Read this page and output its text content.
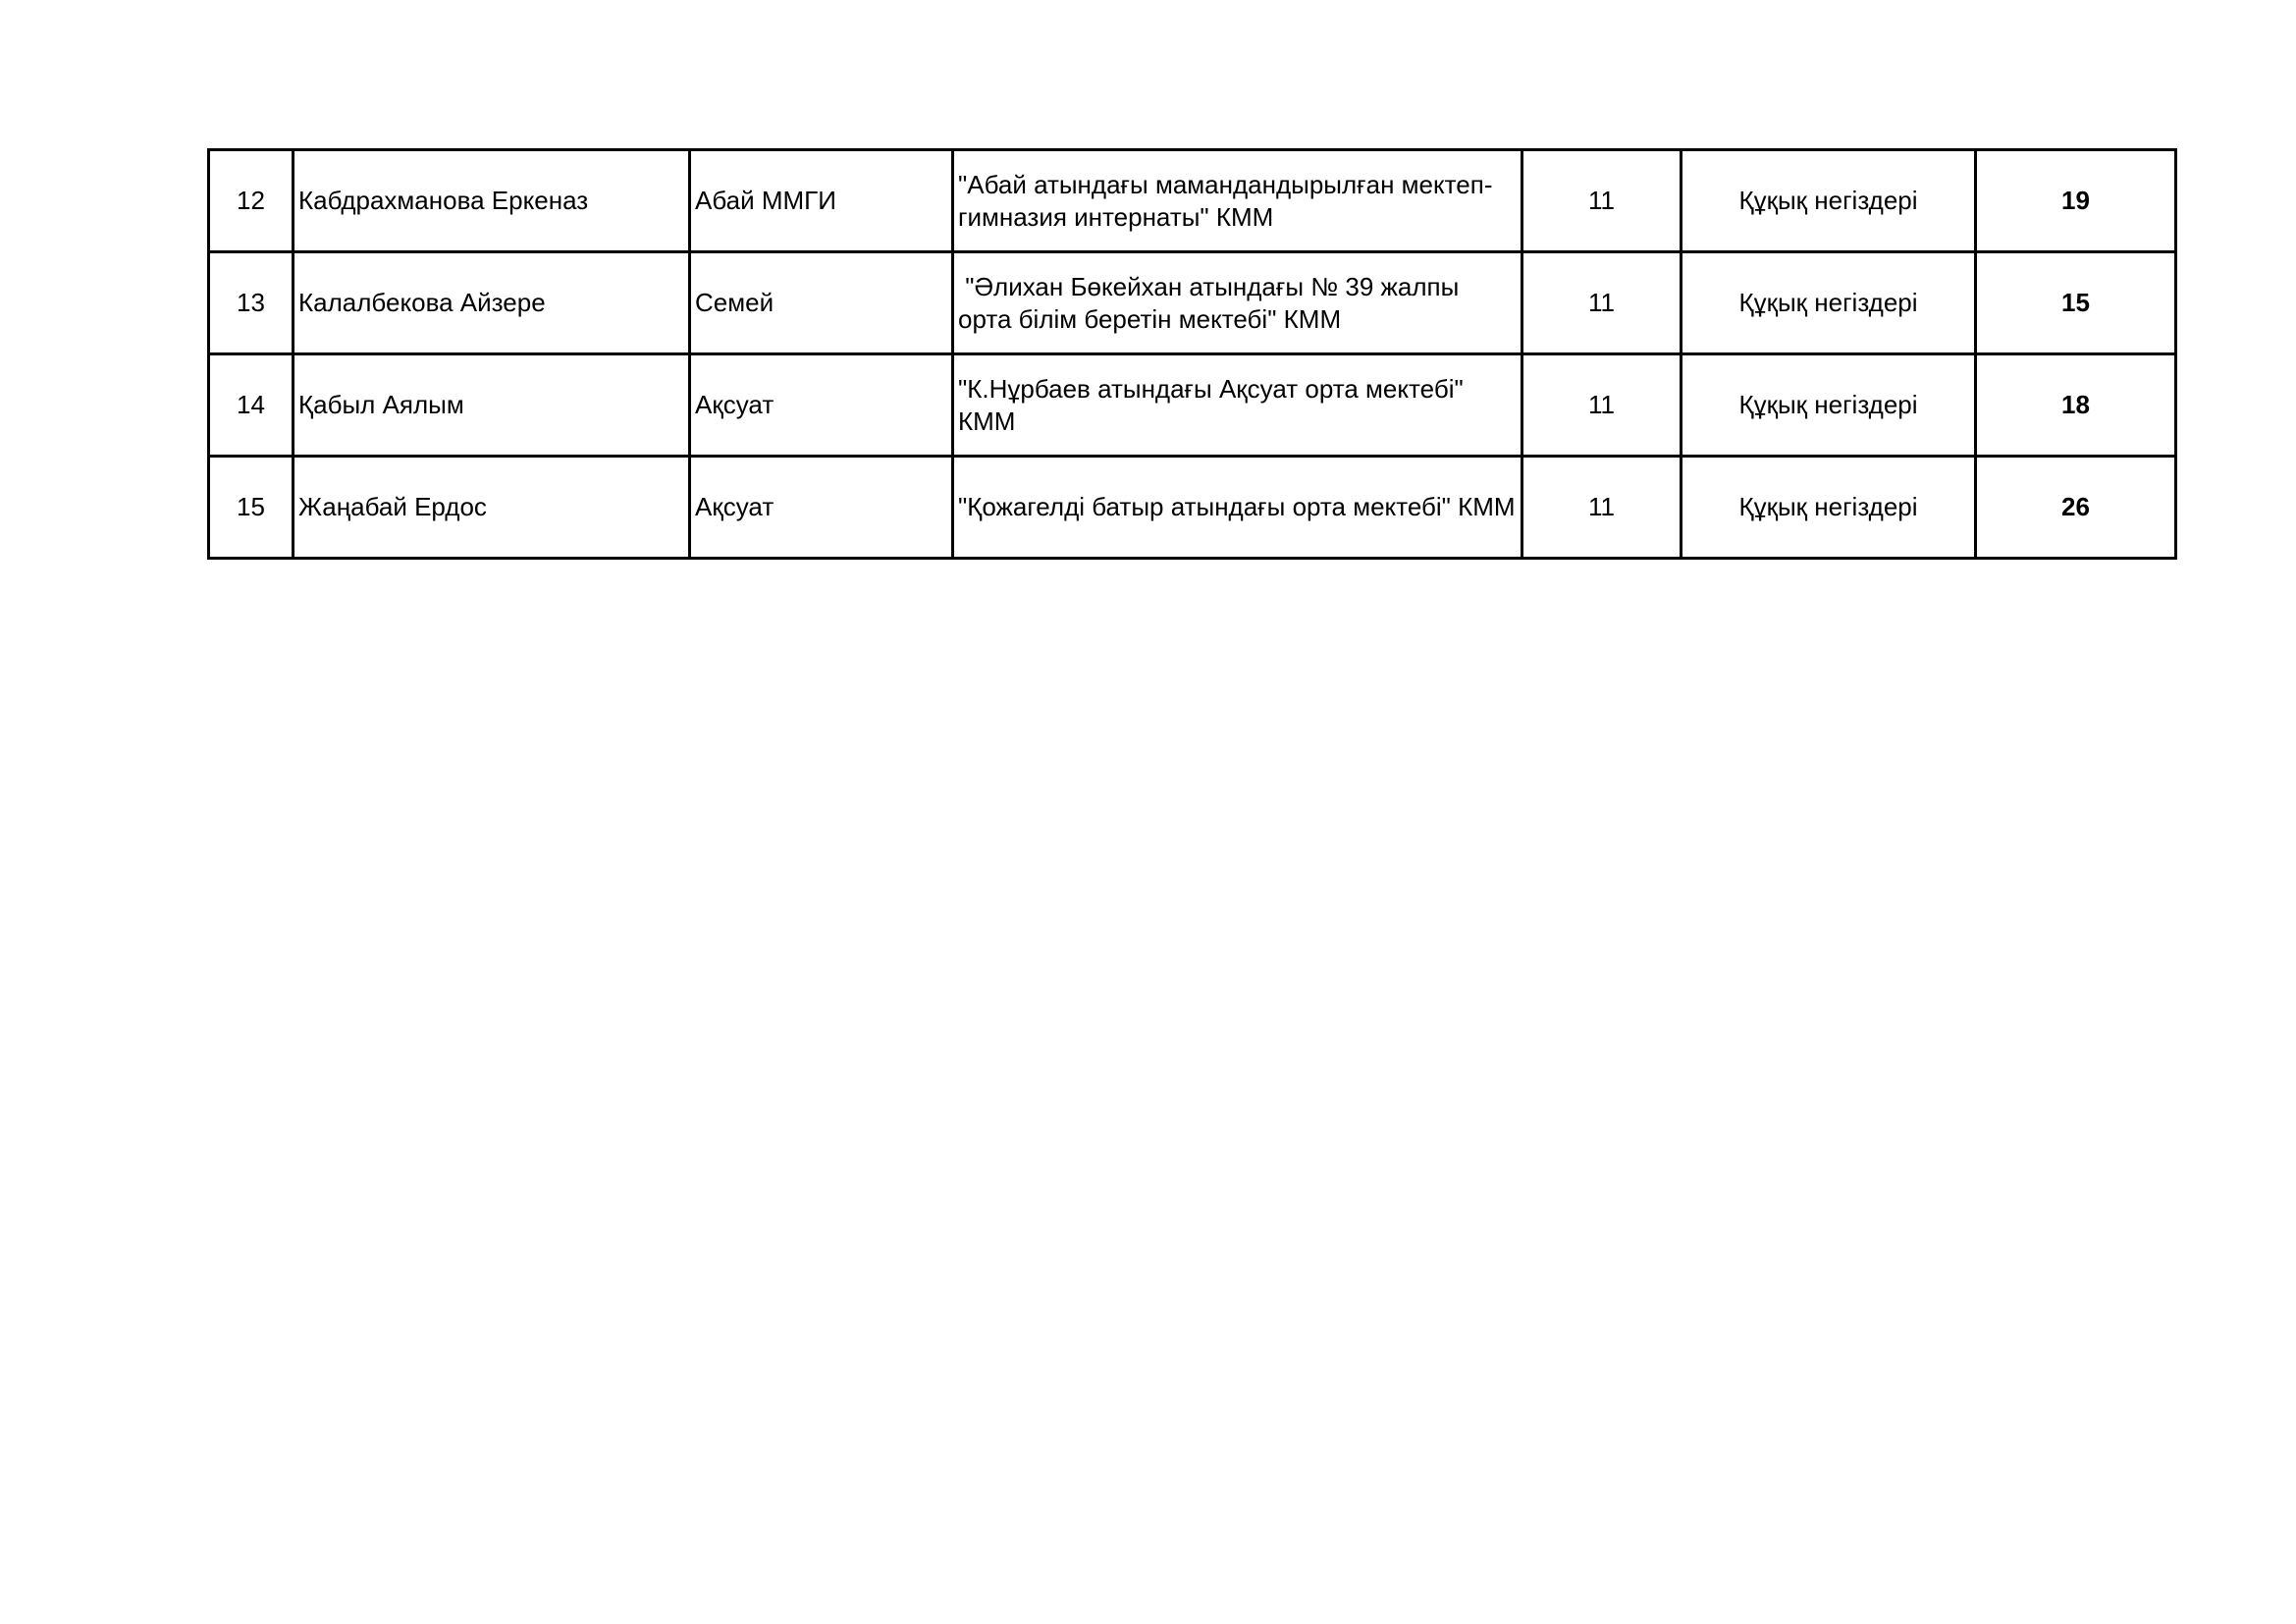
12	Кабдрахманова Еркеназ	Абай ММГИ	"Абай атындағы мамандандырылған мектеп-гимназия интернаты" КММ	11	Құқық негіздері	19
13	Калалбекова Айзере	Семей	"Әлихан Бөкейхан атындағы № 39 жалпы орта білім беретін мектебі" КММ	11	Құқық негіздері	15
14	Қабыл Аялым	Ақсуат	"К.Нұрбаев атындағы Ақсуат орта мектебі" КММ	11	Құқық негіздері	18
15	Жаңабай Ердос	Ақсуат	"Қожагелді батыр атындағы орта мектебі" КММ	11	Құқық негіздері	26
